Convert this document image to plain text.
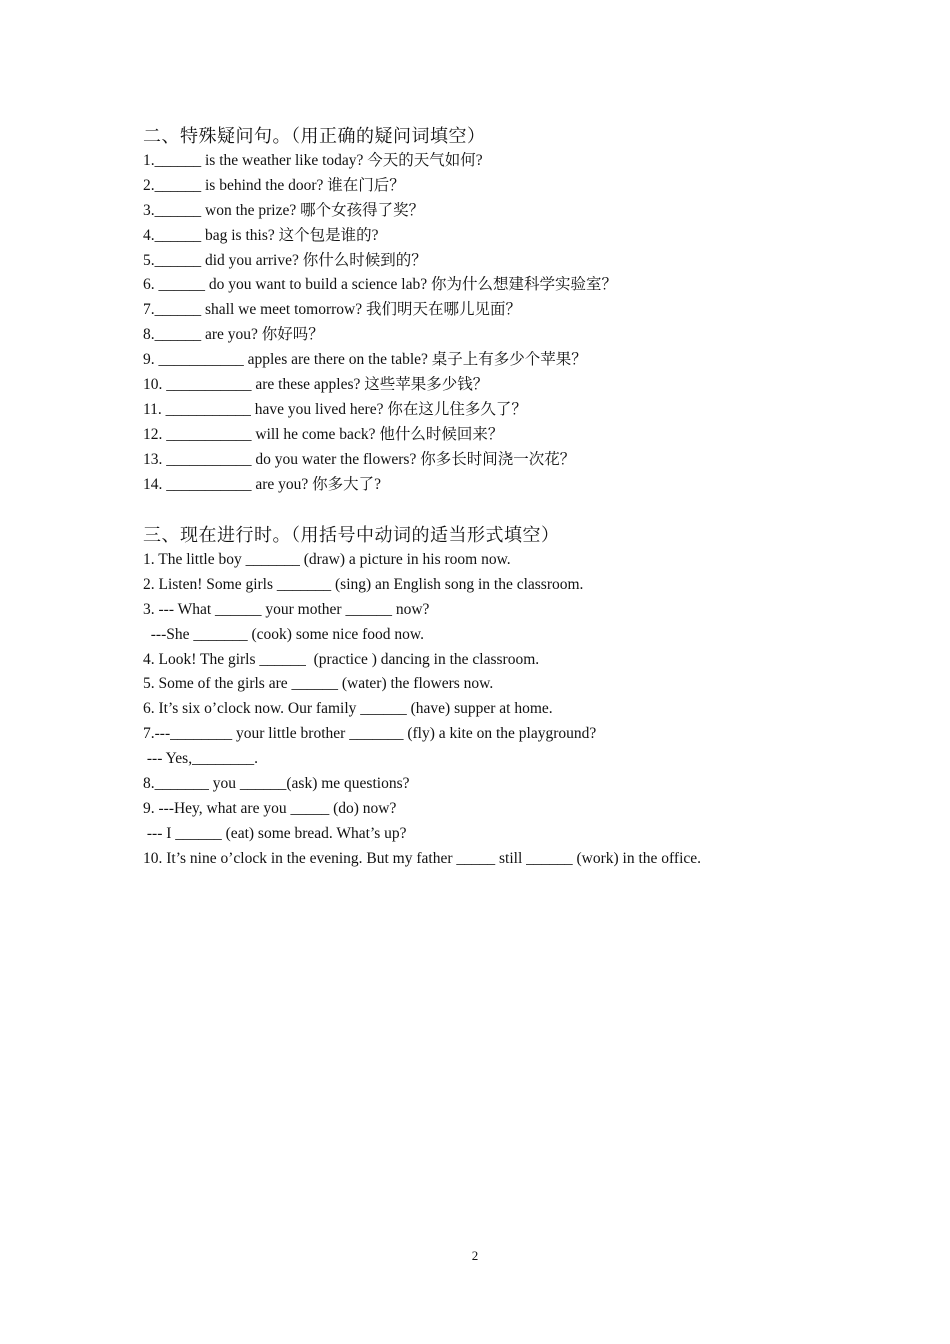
二、特殊疑问句。（用正确的疑问词填空）

1.______ is the weather like today? 今天的天气如何?

2.______ is behind the door? 谁在门后？

3.______ won the prize? 哪个女孩得了奖？

4.______ bag is this? 这个包是谁的?

5.______ did you arrive? 你什么时候到的？

6. ______ do you want to build a science lab? 你为什么想建科学实验室？

7.______ shall we meet tomorrow? 我们明天在哪儿见面？

8.______ are you? 你好吗？

9. ___________ apples are there on the table? 桌子上有多少个苹果？

10. ___________ are these apples? 这些苹果多少钱？

11. ___________ have you lived here? 你在这儿住多久了？

12. ___________ will he come back? 他什么时候回来？

13. ___________ do you water the flowers? 你多长时间浇一次花？

14. ___________ are you? 你多大了?

三、现在进行时。（用括号中动词的适当形式填空）

1. The little boy _______ (draw) a picture in his room now.

2. Listen! Some girls _______ (sing) an English song in the classroom.

3. --- What ______ your mother ______ now?

---She _______ (cook) some nice food now.

4. Look! The girls ______  (practice ) dancing in the classroom.

5. Some of the girls are ______ (water) the flowers now.

6. It’s six o’clock now. Our family ______ (have) supper at home.

7.---________ your little brother _______ (fly) a kite on the playground?

--- Yes,________.

8._______ you ______(ask) me questions?

9. ---Hey, what are you _____ (do) now?

--- I ______ (eat) some bread. What’s up?

10. It’s nine o’clock in the evening. But my father _____ still ______ (work) in the office.

2
